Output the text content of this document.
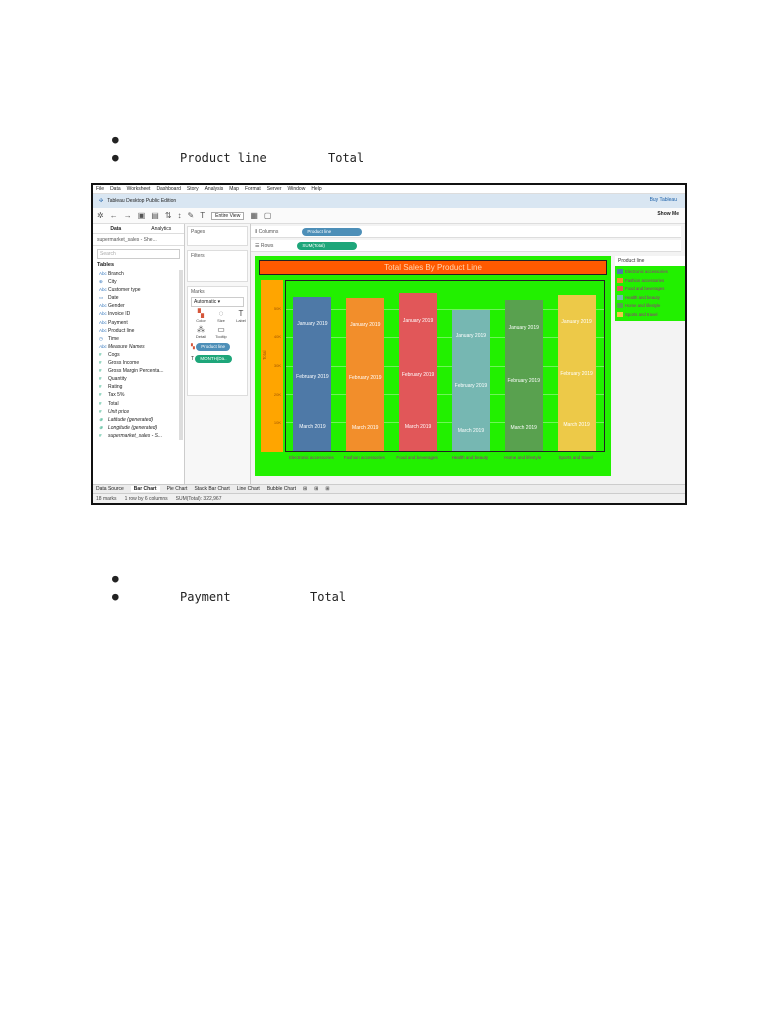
●
●	Product line	Total
File Data Worksheet Dashboard Story Analysis Map Format Server Window Help
✣ Tableau Desktop Public Edition	Buy Tableau
✲ ← → ▣ ▤ ⇅ ↕ ✎ T	Entire View	▦ ▢	Show Me
Data	Analytics
supermarket_sales - She...
Search
Tables
AbcBranch
⊕ City
AbcCustomer type
▭ Date
AbcGender
AbcInvoice ID
AbcPayment
AbcProduct line
◷ Time
AbcMeasure Names
# Cogs
# Gross Income
# Gross Margin Percenta...
# Quantity
# Rating
# Tax 5%
# Total
# Unit price
⊕ Latitude (generated)
⊕ Longitude (generated)
# supermarket_sales - S...
Pages
Filters
Marks
Automatic ▾
▚
Color
◌
Size
T
Label
⁂
Detail
▭
Tooltip
▚ Product line
T MONTH(Da..
⦀ Columns	Product line
☰ Rows	SUM(Total)
Total Sales By Product Line
Total
10K
20K
30K
40K
50K
March 2019
February 2019
January 2019
March 2019
February 2019
January 2019
March 2019
February 2019
January 2019
March 2019
February 2019
January 2019
March 2019
February 2019
January 2019
March 2019
February 2019
January 2019
Electronic accessories	Fashion accessories	Food and beverages	Health and beauty	Home and lifestyle	Sports and travel
Product line
Electronic accessories
Fashion accessories
Food and beverages
Health and beauty
Home and lifestyle
Sports and travel
Data Source	Bar Chart	Pie Chart Stack Bar Chart Line Chart Bubble Chart ⊞ ⊞ ⊞
18 marks 1 row by 6 columns SUM(Total): 322,967
●
●	Payment	Total
